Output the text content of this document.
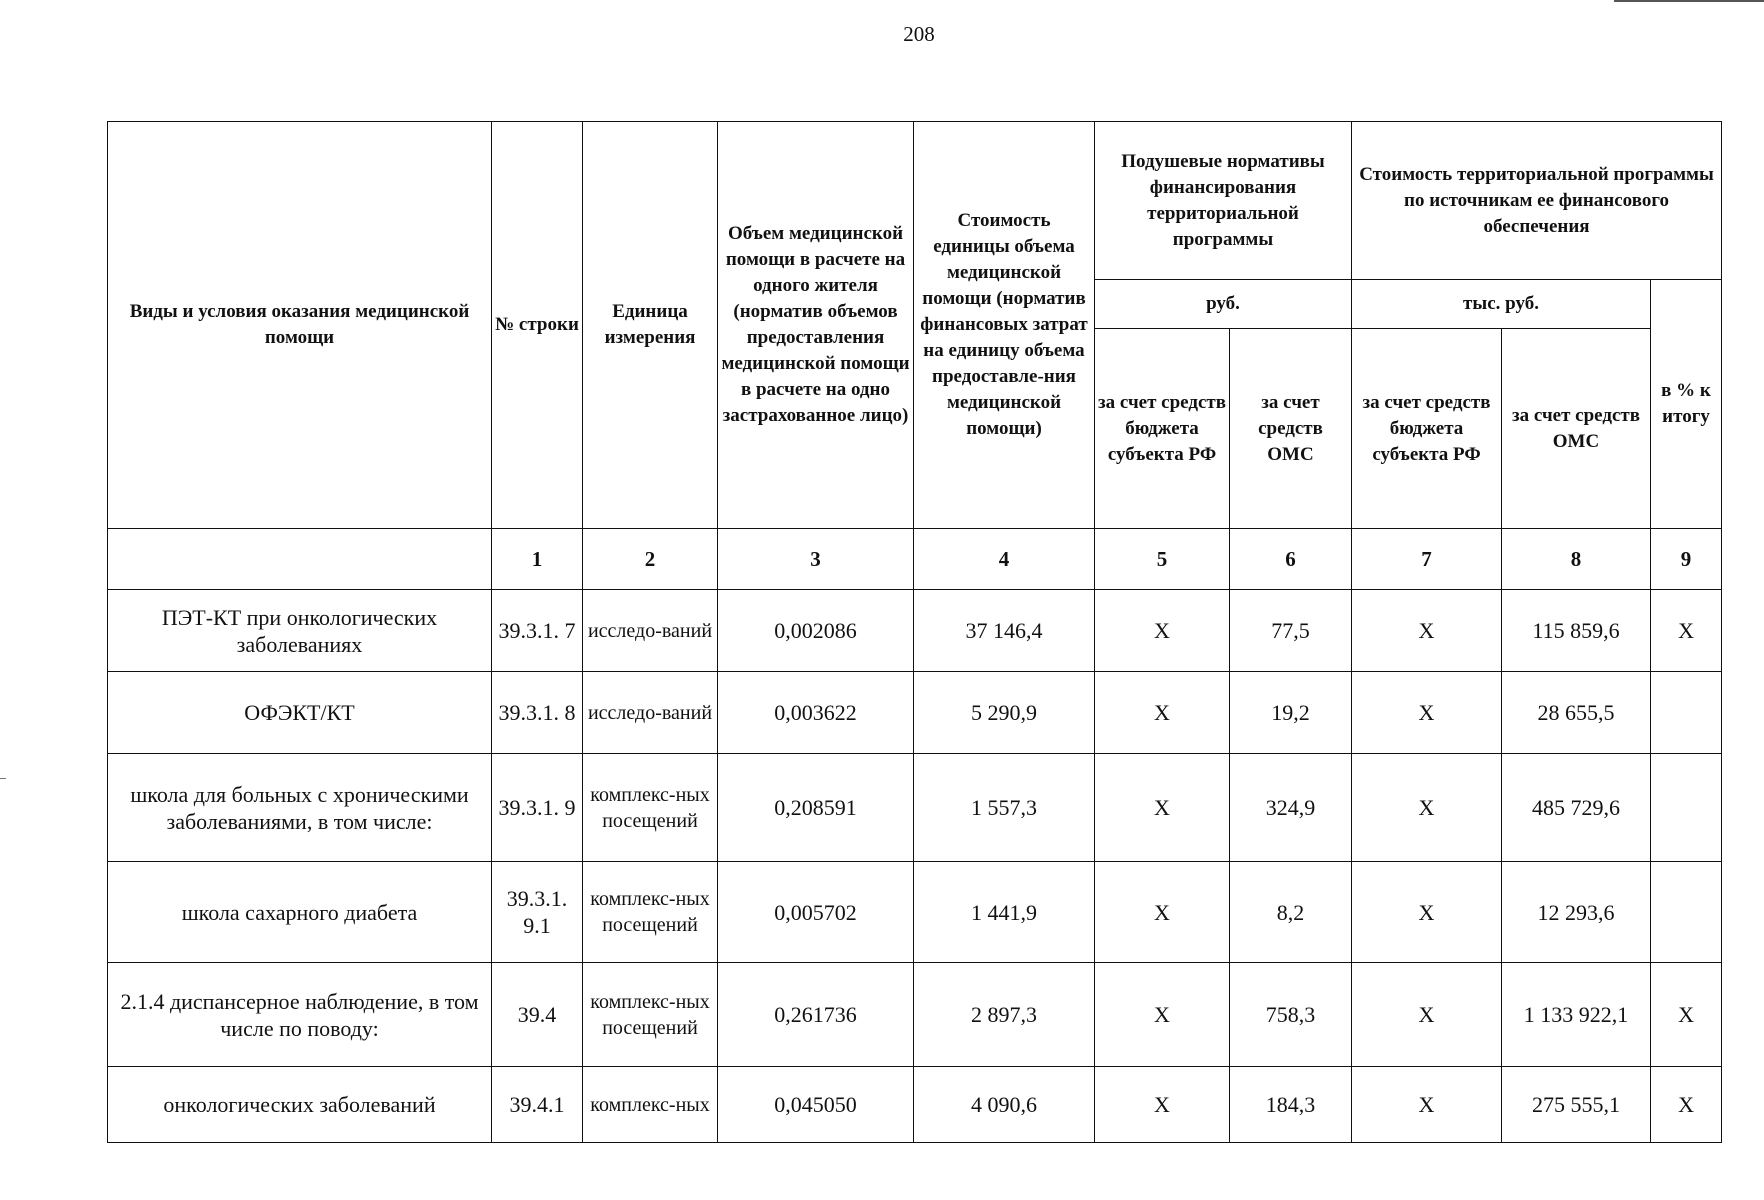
208
Виды и условия оказания медицинской помощи	№ строки	Единица измерения	Объем медицинской помощи в расчете на одного жителя (норматив объемов предоставления медицинской помощи в расчете на одно застрахованное лицо)	Стоимость единицы объема медицинской помощи (норматив финансовых затрат на единицу объема предоставле-ния медицинской помощи)	Подушевые нормативы финансирования территориальной программы		Стоимость территориальной программы по источникам ее финансового обеспечения		
					руб.		тыс. руб.		в % к итогу
					за счет средств бюджета субъекта РФ	за счет средств ОМС	за счет средств бюджета субъекта РФ	за счет средств ОМС	
	1	2	3	4	5	6	7	8	9
ПЭТ-КТ при онкологических заболеваниях	39.3.1. 7	исследо-ваний	0,002086	37 146,4	X	77,5	X	115 859,6	X
ОФЭКТ/КТ	39.3.1. 8	исследо-ваний	0,003622	5 290,9	X	19,2	X	28 655,5	
школа для больных с хроническими заболеваниями, в том числе:	39.3.1. 9	комплекс-ных посещений	0,208591	1 557,3	X	324,9	X	485 729,6	
школа сахарного диабета	39.3.1. 9.1	комплекс-ных посещений	0,005702	1 441,9	X	8,2	X	12 293,6	
2.1.4 диспансерное наблюдение, в том числе по поводу:	39.4	комплекс-ных посещений	0,261736	2 897,3	X	758,3	X	1 133 922,1	X
онкологических заболеваний	39.4.1	комплекс-ных	0,045050	4 090,6	X	184,3	X	275 555,1	X
